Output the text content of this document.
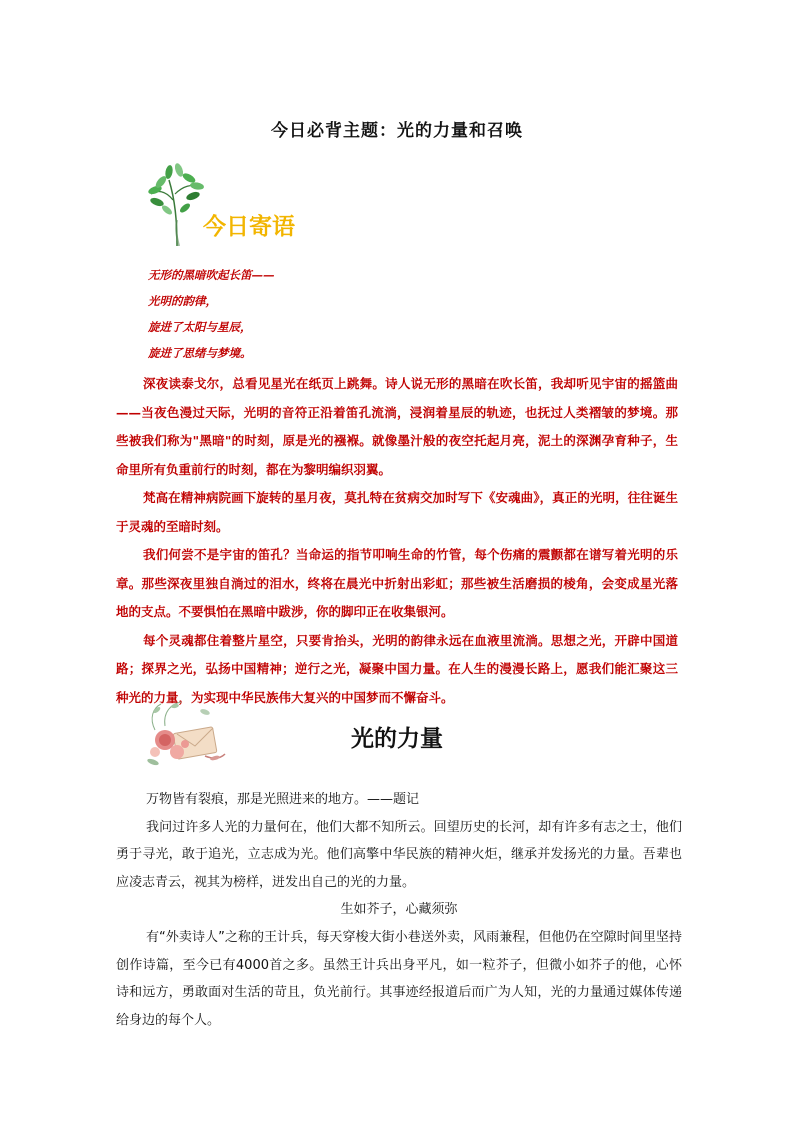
今日必背主题：光的力量和召唤
今日寄语
无形的黑暗吹起长笛——
光明的韵律，
旋进了太阳与星辰，
旋进了思绪与梦境。

深夜读泰戈尔，总看见星光在纸页上跳舞。诗人说无形的黑暗在吹长笛，我却听见宇宙的摇篮曲——当夜色漫过天际，光明的音符正沿着笛孔流淌，浸润着星辰的轨迹，也抚过人类褶皱的梦境。那些被我们称为"黑暗"的时刻，原是光的襁褓。就像墨汁般的夜空托起月亮，泥土的深渊孕育种子，生命里所有负重前行的时刻，都在为黎明编织羽翼。

梵高在精神病院画下旋转的星月夜，莫扎特在贫病交加时写下《安魂曲》，真正的光明，往往诞生于灵魂的至暗时刻。

我们何尝不是宇宙的笛孔？当命运的指节叩响生命的竹管，每个伤痛的震颤都在谱写着光明的乐章。那些深夜里独自淌过的泪水，终将在晨光中折射出彩虹；那些被生活磨损的棱角，会变成星光落地的支点。不要惧怕在黑暗中跋涉，你的脚印正在收集银河。

每个灵魂都住着整片星空，只要肯抬头，光明的韵律永远在血液里流淌。思想之光，开辟中国道路；探界之光，弘扬中国精神；逆行之光，凝聚中国力量。在人生的漫漫长路上，愿我们能汇聚这三种光的力量，为实现中华民族伟大复兴的中国梦而不懈奋斗。

光的力量

万物皆有裂痕，那是光照进来的地方。——题记

我问过许多人光的力量何在，他们大都不知所云。回望历史的长河，却有许多有志之士，他们勇于寻光，敢于追光，立志成为光。他们高擎中华民族的精神火炬，继承并发扬光的力量。吾辈也应凌志青云，视其为榜样，迸发出自己的光的力量。

生如芥子，心藏须弥

有“外卖诗人”之称的王计兵，每天穿梭大街小巷送外卖，风雨兼程，但他仍在空隙时间里坚持创作诗篇，至今已有4000首之多。虽然王计兵出身平凡，如一粒芥子，但微小如芥子的他，心怀诗和远方，勇敢面对生活的苛且，负光前行。其事迹经报道后而广为人知，光的力量通过媒体传递给身边的每个人。
